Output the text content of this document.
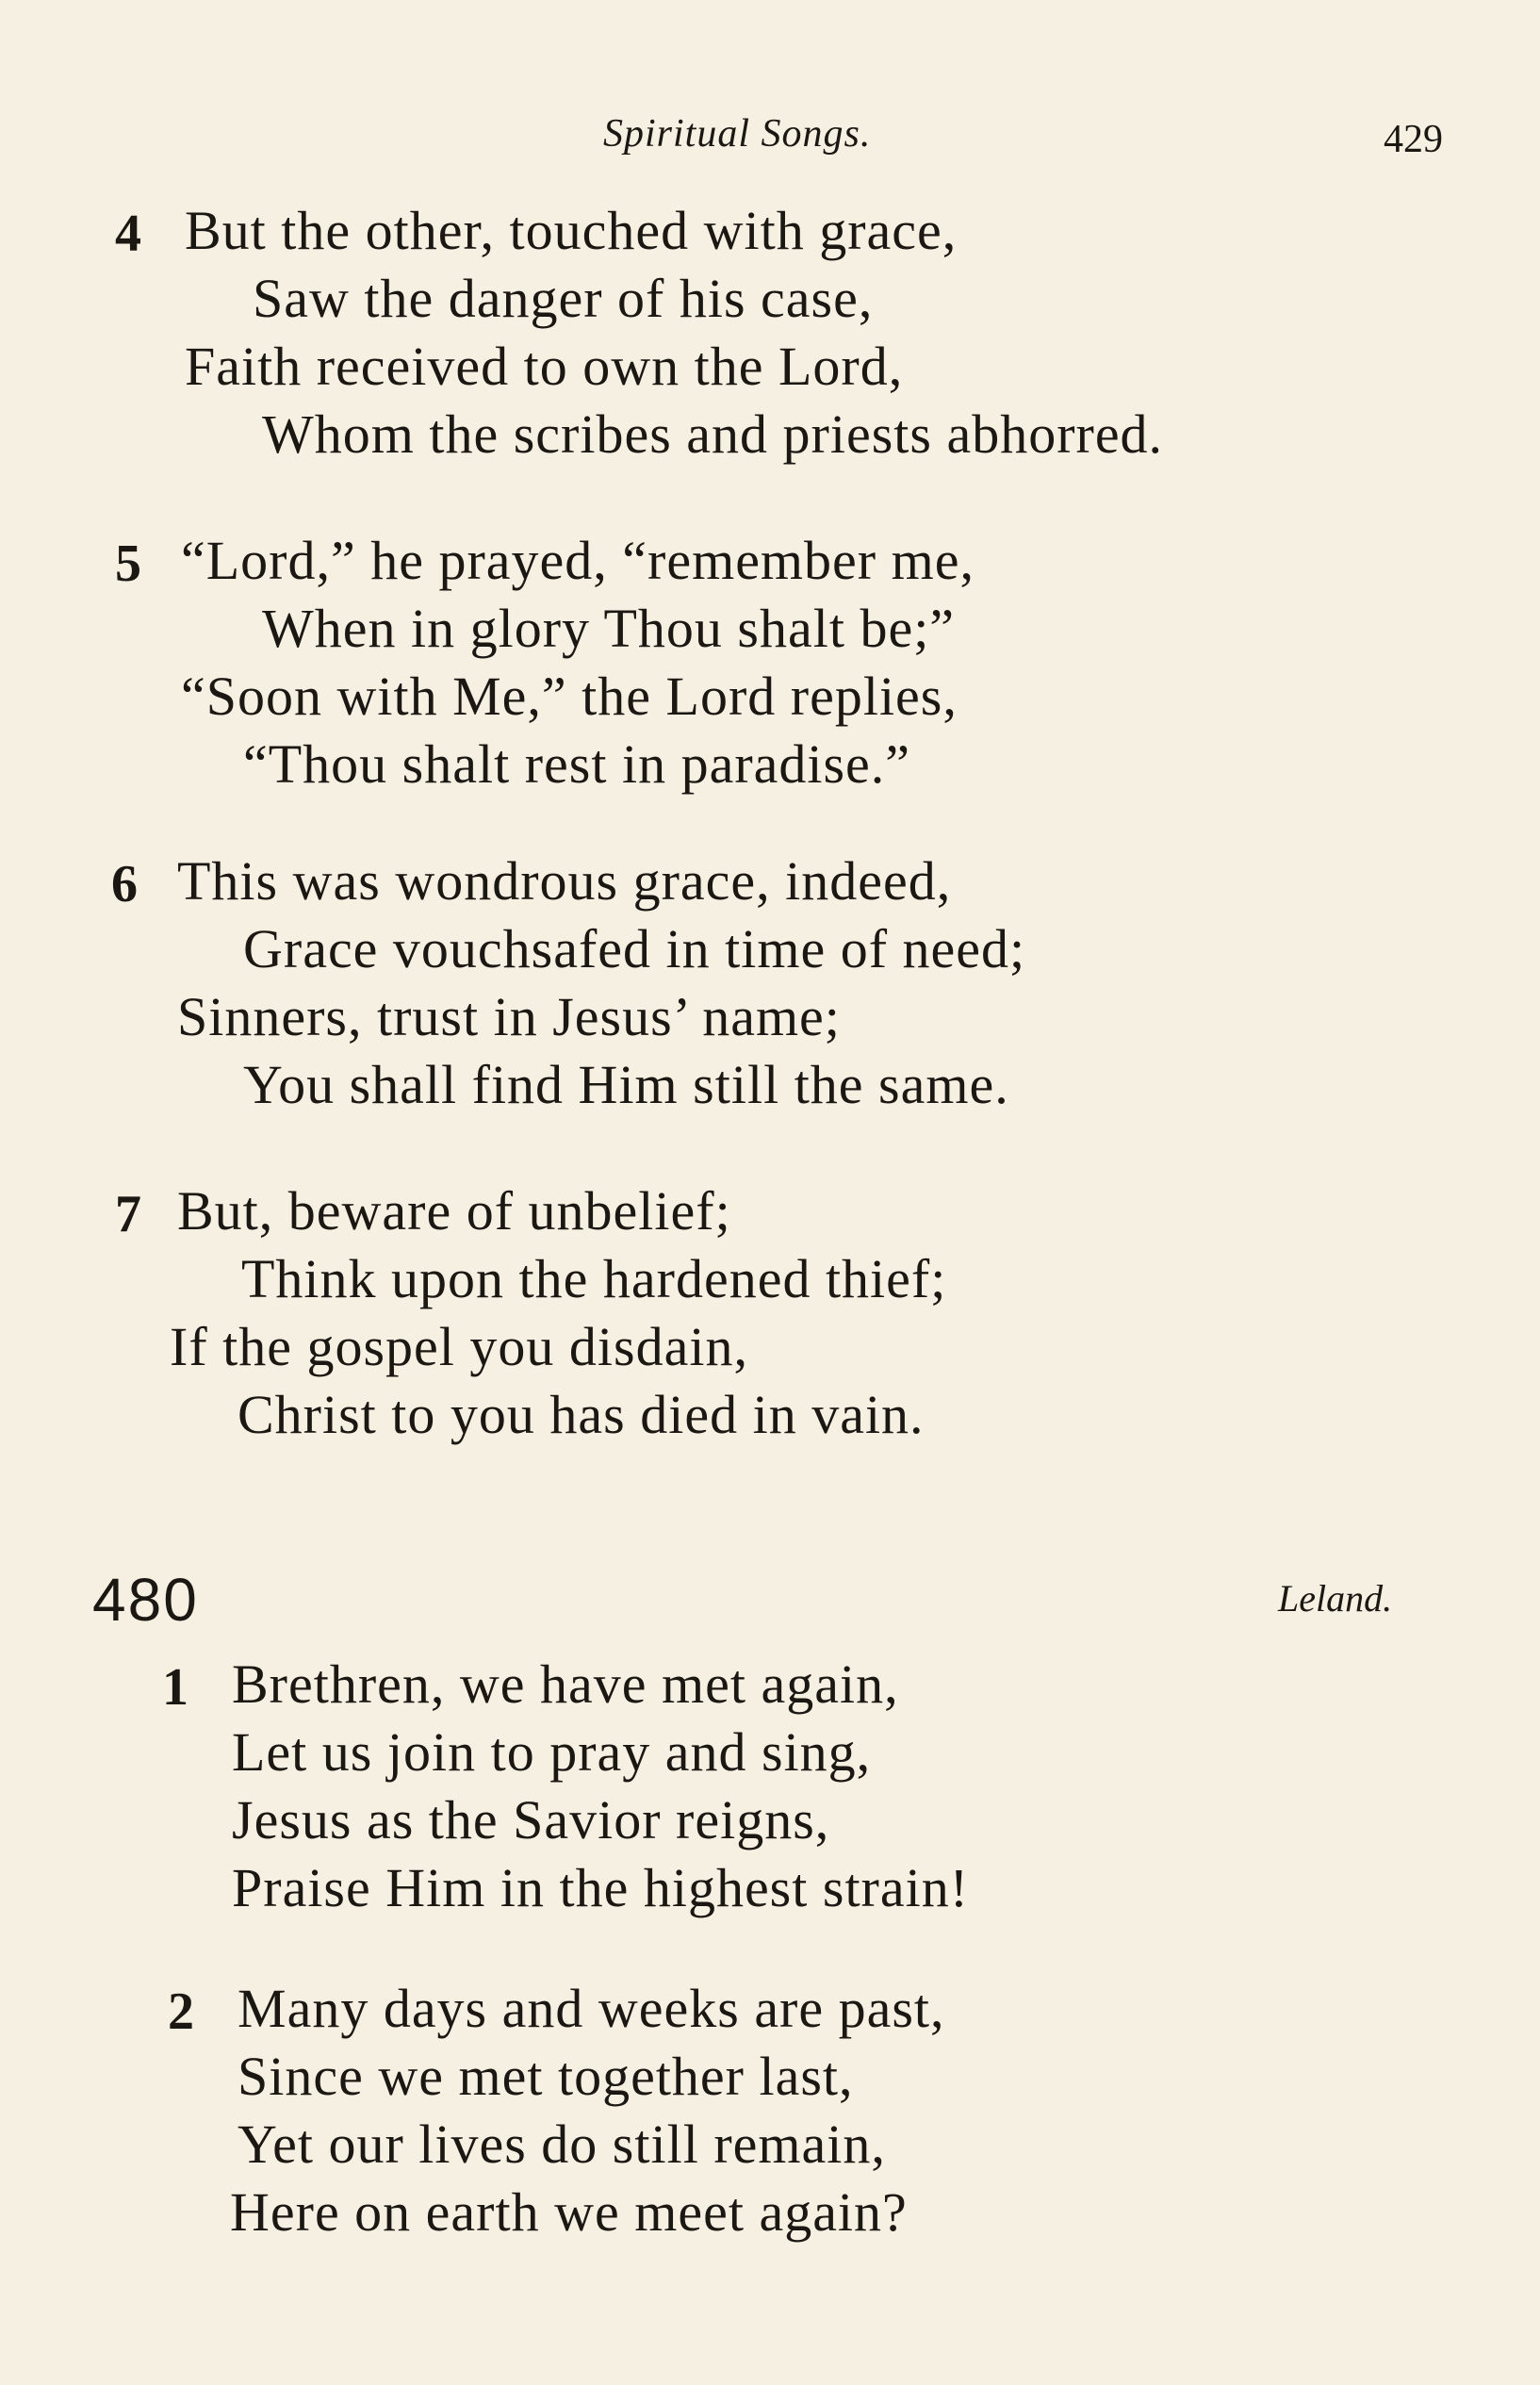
Spiritual Songs.	429
4 But the other, touched with grace,
Saw the danger of his case,
Faith received to own the Lord,
Whom the scribes and priests abhorred.
5 “Lord,” he prayed, “remember me,
When in glory Thou shalt be;”
“Soon with Me,” the Lord replies,
“Thou shalt rest in paradise.”
6 This was wondrous grace, indeed,
Grace vouchsafed in time of need;
Sinners, trust in Jesus’ name;
You shall find Him still the same.
7 But, beware of unbelief;
Think upon the hardened thief;
If the gospel you disdain,
Christ to you has died in vain.
480	Leland.
1 Brethren, we have met again,
Let us join to pray and sing,
Jesus as the Savior reigns,
Praise Him in the highest strain!
2 Many days and weeks are past,
Since we met together last,
Yet our lives do still remain,
Here on earth we meet again?
